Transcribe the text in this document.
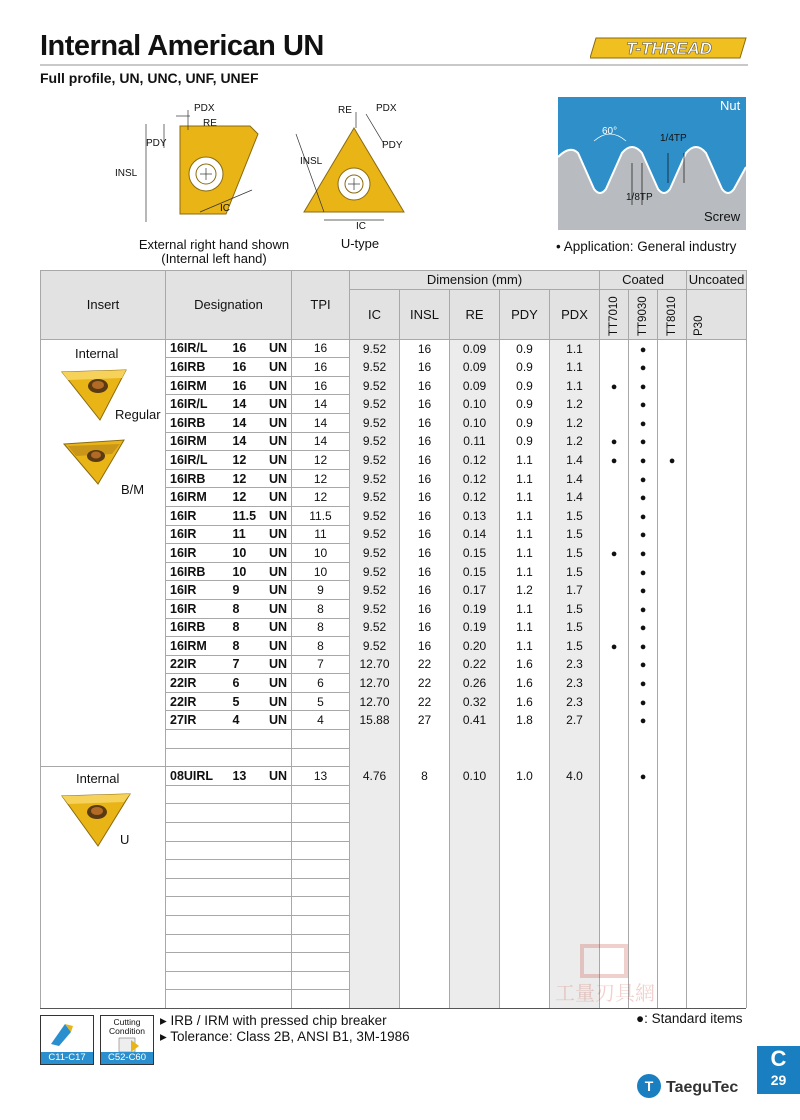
Internal American UN
Full profile, UN, UNC, UNF, UNEF
T-THREAD
PDX
RE
PDY
INSL
IC
External right hand shown
(Internal left hand)
RE PDX
PDY
INSL
IC
U-type
Nut
Screw
60°
1/4TP
1/8TP
• Application: General industry
Insert	Designation	TPI	Dimension (mm)					Coated			Uncoated
			IC	INSL	RE	PDY	PDX	TT7010	TT9030	TT8010	P30

	16IR/L 16 UN	16	9.52	16	0.09	0.9	1.1		●		

	16IRB 16 UN	16	9.52	16	0.09	0.9	1.1		●		

	16IRM 16 UN	16	9.52	16	0.09	0.9	1.1	●	●		

	16IR/L 14 UN	14	9.52	16	0.10	0.9	1.2		●		

	16IRB 14 UN	14	9.52	16	0.10	0.9	1.2		●		

	16IRM 14 UN	14	9.52	16	0.11	0.9	1.2	●	●		

	16IR/L 12 UN	12	9.52	16	0.12	1.1	1.4	●	●	●	

	16IRB 12 UN	12	9.52	16	0.12	1.1	1.4		●		

	16IRM 12 UN	12	9.52	16	0.12	1.1	1.4		●		

	16IR 11.5 UN	11.5	9.52	16	0.13	1.1	1.5		●		

	16IR 11 UN	11	9.52	16	0.14	1.1	1.5		●		

	16IR 10 UN	10	9.52	16	0.15	1.1	1.5	●	●		

	16IRB 10 UN	10	9.52	16	0.15	1.1	1.5		●		

	16IR 9 UN	9	9.52	16	0.17	1.2	1.7		●		

	16IR 8 UN	8	9.52	16	0.19	1.1	1.5		●		

	16IRB 8 UN	8	9.52	16	0.19	1.1	1.5		●		

	16IRM 8 UN	8	9.52	16	0.20	1.1	1.5	●	●		

	22IR 7 UN	7	12.70	22	0.22	1.6	2.3		●		

	22IR 6 UN	6	12.70	22	0.26	1.6	2.3		●		

	22IR 5 UN	5	12.70	22	0.32	1.6	2.3		●		

	27IR 4 UN	4	15.88	27	0.41	1.8	2.7		●		

	08UIRL 13 UN	13	4.76	8	0.10	1.0	4.0		●		

Internal
Regular
B/M
Internal
U
工量刃具網
C11-C17
Cutting Condition
C52-C60
▸ IRB / IRM with pressed chip breaker
▸ Tolerance: Class 2B, ANSI B1, 3M-1986
●: Standard items
C
29
T TaeguTec
